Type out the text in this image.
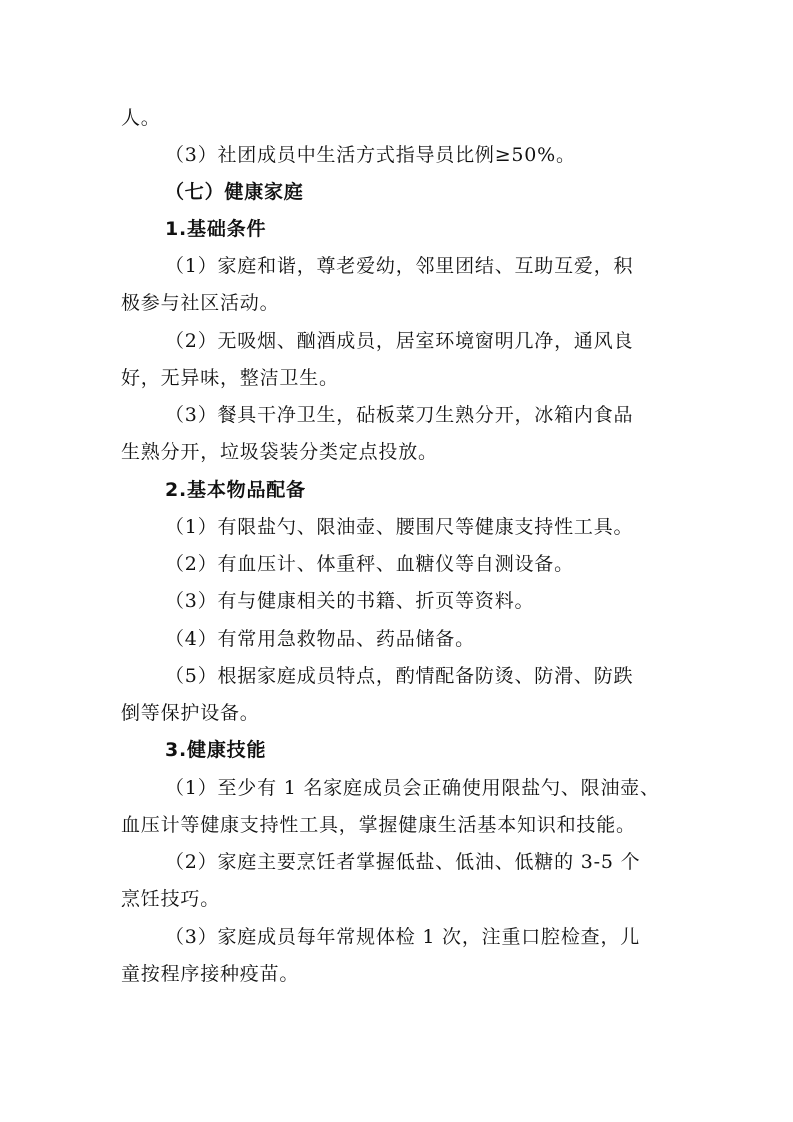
人。
（3）社团成员中生活方式指导员比例≥50%。
（七）健康家庭
1.基础条件
（1）家庭和谐，尊老爱幼，邻里团结、互助互爱，积
极参与社区活动。
（2）无吸烟、酗酒成员，居室环境窗明几净，通风良
好，无异味，整洁卫生。
（3）餐具干净卫生，砧板菜刀生熟分开，冰箱内食品
生熟分开，垃圾袋装分类定点投放。
2.基本物品配备
（1）有限盐勺、限油壶、腰围尺等健康支持性工具。
（2）有血压计、体重秤、血糖仪等自测设备。
（3）有与健康相关的书籍、折页等资料。
（4）有常用急救物品、药品储备。
（5）根据家庭成员特点，酌情配备防烫、防滑、防跌
倒等保护设备。
3.健康技能
（1）至少有 1 名家庭成员会正确使用限盐勺、限油壶、
血压计等健康支持性工具，掌握健康生活基本知识和技能。
（2）家庭主要烹饪者掌握低盐、低油、低糖的 3-5 个
烹饪技巧。
（3）家庭成员每年常规体检 1 次，注重口腔检查，儿
童按程序接种疫苗。
